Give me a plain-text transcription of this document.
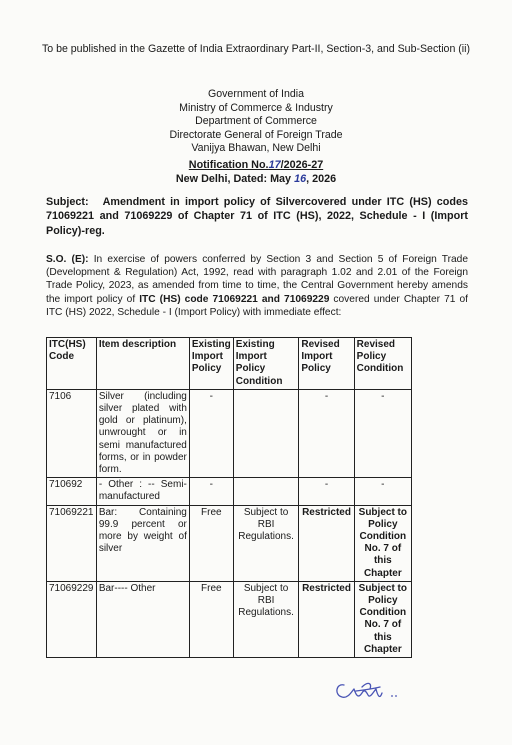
To be published in the Gazette of India Extraordinary Part-II, Section-3, and Sub-Section (ii)
Government of India
Ministry of Commerce & Industry
Department of Commerce
Directorate General of Foreign Trade
Vanijya Bhawan, New Delhi
Notification No.17/2026-27
New Delhi, Dated: May 16, 2026
Subject: Amendment in import policy of Silvercovered under ITC (HS) codes 71069221 and 71069229 of Chapter 71 of ITC (HS), 2022, Schedule - I (Import Policy)-reg.
S.O. (E): In exercise of powers conferred by Section 3 and Section 5 of Foreign Trade (Development & Regulation) Act, 1992, read with paragraph 1.02 and 2.01 of the Foreign Trade Policy, 2023, as amended from time to time, the Central Government hereby amends the import policy of ITC (HS) code 71069221 and 71069229 covered under Chapter 71 of ITC (HS) 2022, Schedule - I (Import Policy) with immediate effect:
ITC(HS) Code	Item description	Existing Import Policy	Existing Import Policy Condition	Revised Import Policy	Revised Policy Condition
7106	Silver (including silver plated with gold or platinum), unwrought or in semi manufactured forms, or in powder form.	-		-	-
710692	- Other : -- Semi-manufactured	-		-	-
71069221	Bar: Containing 99.9 percent or more by weight of silver	Free	Subject to RBI Regulations.	Restricted	Subject to Policy Condition No. 7 of this Chapter
71069229	Bar---- Other	Free	Subject to RBI Regulations.	Restricted	Subject to Policy Condition No. 7 of this Chapter
